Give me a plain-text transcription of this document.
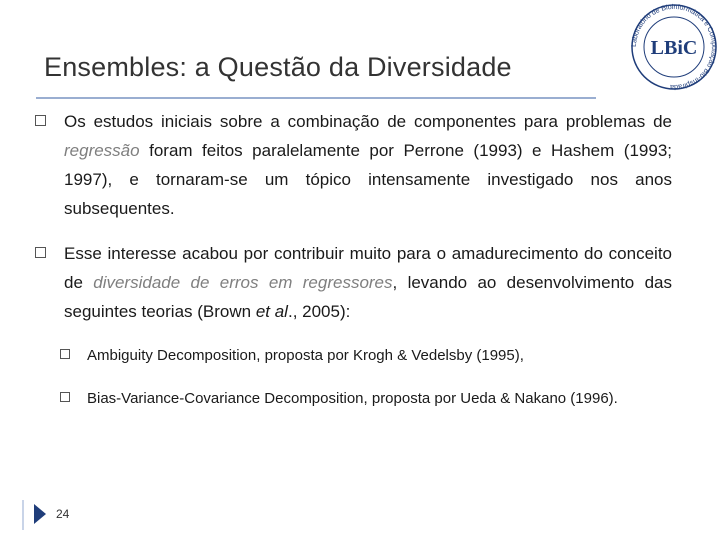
Ensembles: a Questão da Diversidade
Laboratório de Bioinformática e Computação Bio-Inspirada
LBiC
Os estudos iniciais sobre a combinação de componentes para problemas de regressão foram feitos paralelamente por Perrone (1993) e Hashem (1993; 1997), e tornaram-se um tópico intensamente investigado nos anos subsequentes.
Esse interesse acabou por contribuir muito para o amadurecimento do conceito de diversidade de erros em regressores, levando ao desenvolvimento das seguintes teorias (Brown et al., 2005):
Ambiguity Decomposition, proposta por Krogh & Vedelsby (1995),
Bias-Variance-Covariance Decomposition, proposta por Ueda & Nakano (1996).
24
